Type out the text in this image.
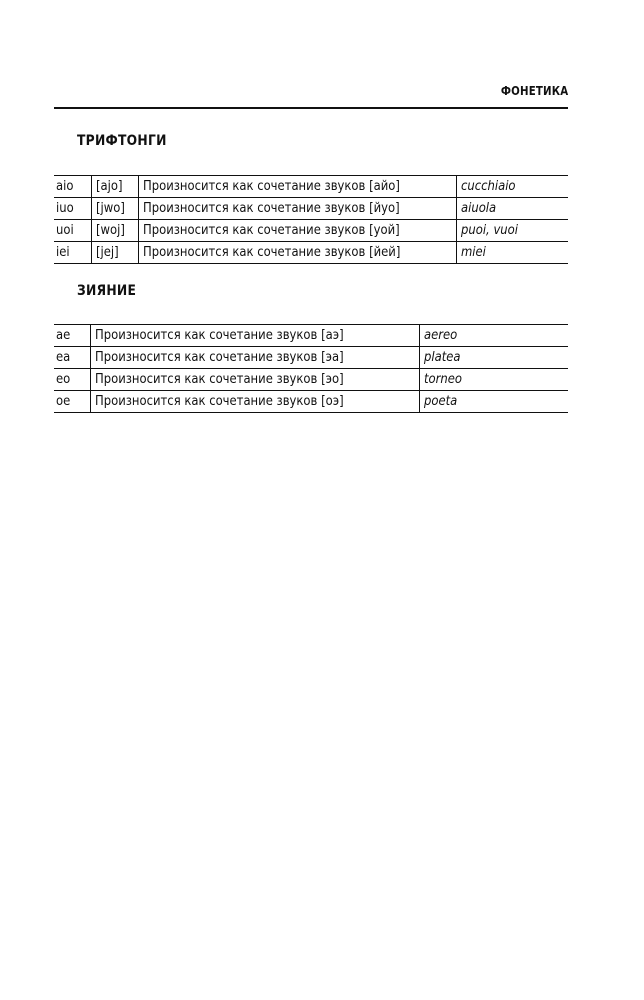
ФОНЕТИКА
ТРИФТОНГИ
aio	[ajo]	Произносится как сочетание звуков [айо]	cucchiaio
iuo	[jwo]	Произносится как сочетание звуков [йуо]	aiuola
uoi	[woj]	Произносится как сочетание звуков [уой]	puoi, vuoi
iei	[jej]	Произносится как сочетание звуков [йей]	miei
ЗИЯНИЕ
ae	Произносится как сочетание звуков [аэ]	aereo
ea	Произносится как сочетание звуков [эа]	platea
eo	Произносится как сочетание звуков [эо]	torneo
oe	Произносится как сочетание звуков [оэ]	poeta
